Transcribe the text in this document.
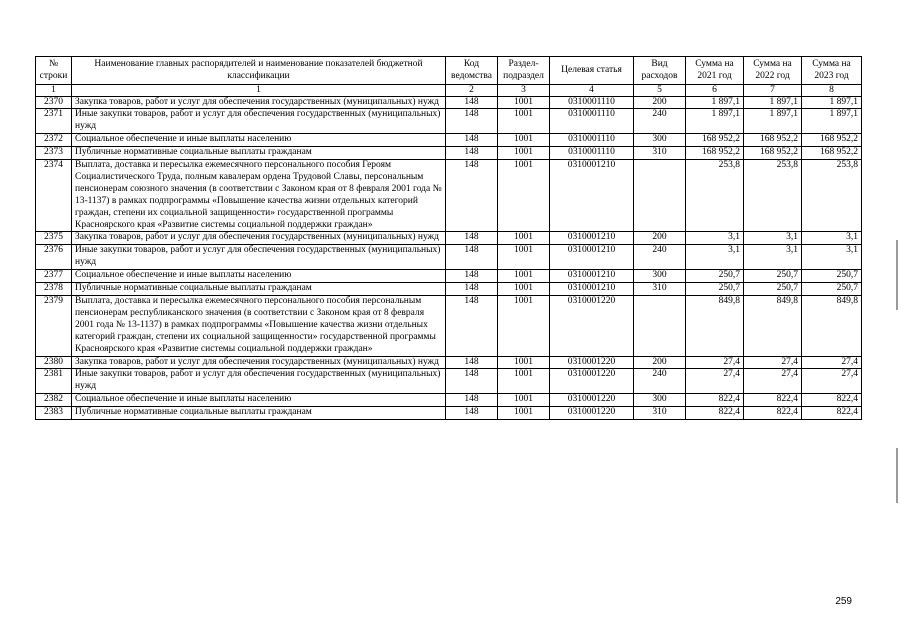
№ строки	Наименование главных распорядителей и наименование показателей бюджетной классификации	Код ведомства	Раздел-подраздел	Целевая статья	Вид расходов	Сумма на 2021 год	Сумма на 2022 год	Сумма на 2023 год
1	1	2	3	4	5	6	7	8
2370	Закупка товаров, работ и услуг для обеспечения государственных (муниципальных) нужд	148	1001	0310001110	200	1 897,1	1 897,1	1 897,1
2371	Иные закупки товаров, работ и услуг для обеспечения государственных (муниципальных) нужд	148	1001	0310001110	240	1 897,1	1 897,1	1 897,1
2372	Социальное обеспечение и иные выплаты населению	148	1001	0310001110	300	168 952,2	168 952,2	168 952,2
2373	Публичные нормативные социальные выплаты гражданам	148	1001	0310001110	310	168 952,2	168 952,2	168 952,2
2374	Выплата, доставка и пересылка ежемесячного персонального пособия Героям Социалистического Труда, полным кавалерам ордена Трудовой Славы, персональным пенсионерам союзного значения (в соответствии с Законом края от 8 февраля 2001 года № 13-1137) в рамках подпрограммы «Повышение качества жизни отдельных категорий граждан, степени их социальной защищенности» государственной программы Красноярского края «Развитие системы социальной поддержки граждан»	148	1001	0310001210		253,8	253,8	253,8
2375	Закупка товаров, работ и услуг для обеспечения государственных (муниципальных) нужд	148	1001	0310001210	200	3,1	3,1	3,1
2376	Иные закупки товаров, работ и услуг для обеспечения государственных (муниципальных) нужд	148	1001	0310001210	240	3,1	3,1	3,1
2377	Социальное обеспечение и иные выплаты населению	148	1001	0310001210	300	250,7	250,7	250,7
2378	Публичные нормативные социальные выплаты гражданам	148	1001	0310001210	310	250,7	250,7	250,7
2379	Выплата, доставка и пересылка ежемесячного персонального пособия персональным пенсионерам республиканского значения (в соответствии с Законом края от 8 февраля 2001 года № 13-1137) в рамках подпрограммы «Повышение качества жизни отдельных категорий граждан, степени их социальной защищенности» государственной программы Красноярского края «Развитие системы социальной поддержки граждан»	148	1001	0310001220		849,8	849,8	849,8
2380	Закупка товаров, работ и услуг для обеспечения государственных (муниципальных) нужд	148	1001	0310001220	200	27,4	27,4	27,4
2381	Иные закупки товаров, работ и услуг для обеспечения государственных (муниципальных) нужд	148	1001	0310001220	240	27,4	27,4	27,4
2382	Социальное обеспечение и иные выплаты населению	148	1001	0310001220	300	822,4	822,4	822,4
2383	Публичные нормативные социальные выплаты гражданам	148	1001	0310001220	310	822,4	822,4	822,4
259
